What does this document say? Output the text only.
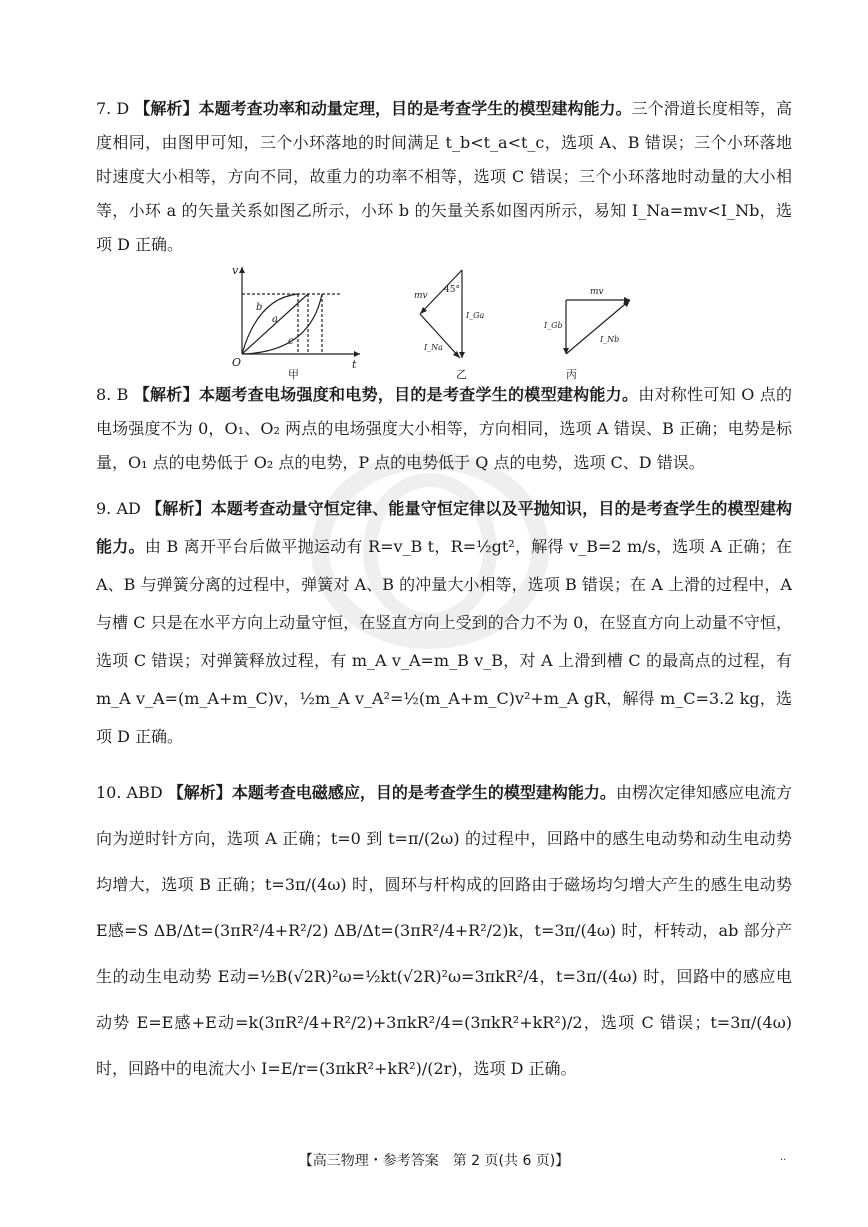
7. D 【解析】本题考查功率和动量定理，目的是考查学生的模型建构能力。三个滑道长度相等，高度相同，由图甲可知，三个小环落地的时间满足 t_b<t_a<t_c，选项 A、B 错误；三个小环落地时速度大小相等，方向不同，故重力的功率不相等，选项 C 错误；三个小环落地时动量的大小相等，小环 a 的矢量关系如图乙所示，小环 b 的矢量关系如图丙所示，易知 I_Na=mv<I_Nb，选项 D 正确。
v
t
O
b
a
c
甲
mv
45°
I_Ga
I_Na
乙
mv
I_Gb
I_Nb
丙
8. B 【解析】本题考查电场强度和电势，目的是考查学生的模型建构能力。由对称性可知 O 点的电场强度不为 0，O₁、O₂ 两点的电场强度大小相等，方向相同，选项 A 错误、B 正确；电势是标量，O₁ 点的电势低于 O₂ 点的电势，P 点的电势低于 Q 点的电势，选项 C、D 错误。
9. AD 【解析】本题考查动量守恒定律、能量守恒定律以及平抛知识，目的是考查学生的模型建构能力。由 B 离开平台后做平抛运动有 R=v_B t，R=½gt²，解得 v_B=2 m/s，选项 A 正确；在 A、B 与弹簧分离的过程中，弹簧对 A、B 的冲量大小相等，选项 B 错误；在 A 上滑的过程中，A 与槽 C 只是在水平方向上动量守恒，在竖直方向上受到的合力不为 0，在竖直方向上动量不守恒，选项 C 错误；对弹簧释放过程，有 m_A v_A=m_B v_B，对 A 上滑到槽 C 的最高点的过程，有 m_A v_A=(m_A+m_C)v，½m_A v_A²=½(m_A+m_C)v²+m_A gR，解得 m_C=3.2 kg，选项 D 正确。
10. ABD 【解析】本题考查电磁感应，目的是考查学生的模型建构能力。由楞次定律知感应电流方向为逆时针方向，选项 A 正确；t=0 到 t=π/(2ω) 的过程中，回路中的感生电动势和动生电动势均增大，选项 B 正确；t=3π/(4ω) 时，圆环与杆构成的回路由于磁场均匀增大产生的感生电动势 E感=S ΔB/Δt=(3πR²/4+R²/2) ΔB/Δt=(3πR²/4+R²/2)k，t=3π/(4ω) 时，杆转动，ab 部分产生的动生电动势 E动=½B(√2R)²ω=½kt(√2R)²ω=3πkR²/4，t=3π/(4ω) 时，回路中的感应电动势 E=E感+E动=k(3πR²/4+R²/2)+3πkR²/4=(3πkR²+kR²)/2，选项 C 错误；t=3π/(4ω) 时，回路中的电流大小 I=E/r=(3πkR²+kR²)/(2r)，选项 D 正确。
【高三物理・参考答案　第 2 页(共 6 页)】	..
